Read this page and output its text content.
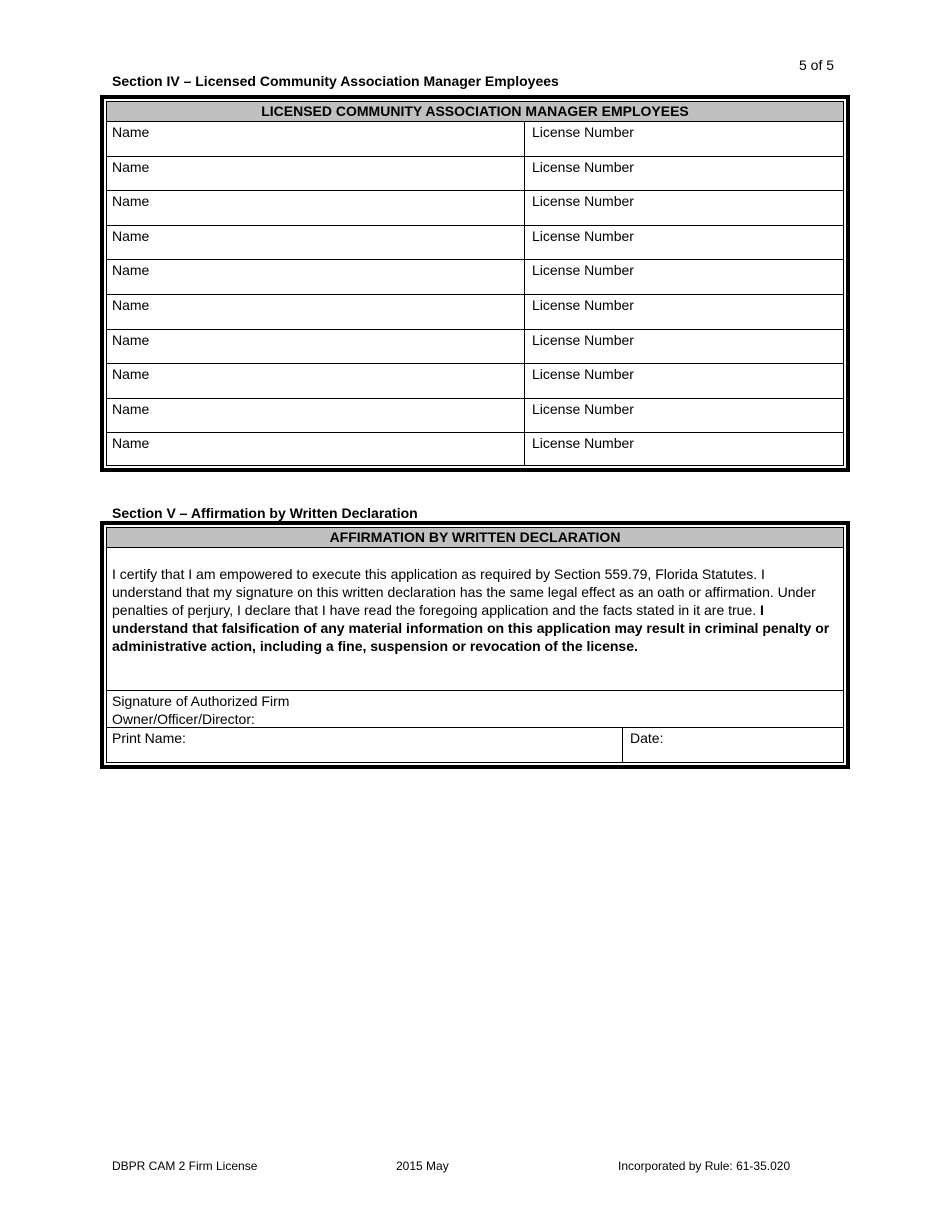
5 of 5
Section IV – Licensed Community Association Manager Employees
LICENSED COMMUNITY ASSOCIATION MANAGER EMPLOYEES
Name	License Number
Name	License Number
Name	License Number
Name	License Number
Name	License Number
Name	License Number
Name	License Number
Name	License Number
Name	License Number
Name	License Number
Section V – Affirmation by Written Declaration
AFFIRMATION BY WRITTEN DECLARATION
I certify that I am empowered to execute this application as required by Section 559.79, Florida Statutes. I understand that my signature on this written declaration has the same legal effect as an oath or affirmation. Under penalties of perjury, I declare that I have read the foregoing application and the facts stated in it are true. I understand that falsification of any material information on this application may result in criminal penalty or administrative action, including a fine, suspension or revocation of the license.
Signature of Authorized Firm
Owner/Officer/Director:
Print Name:	Date:
DBPR CAM 2 Firm License	2015 May	Incorporated by Rule: 61-35.020
